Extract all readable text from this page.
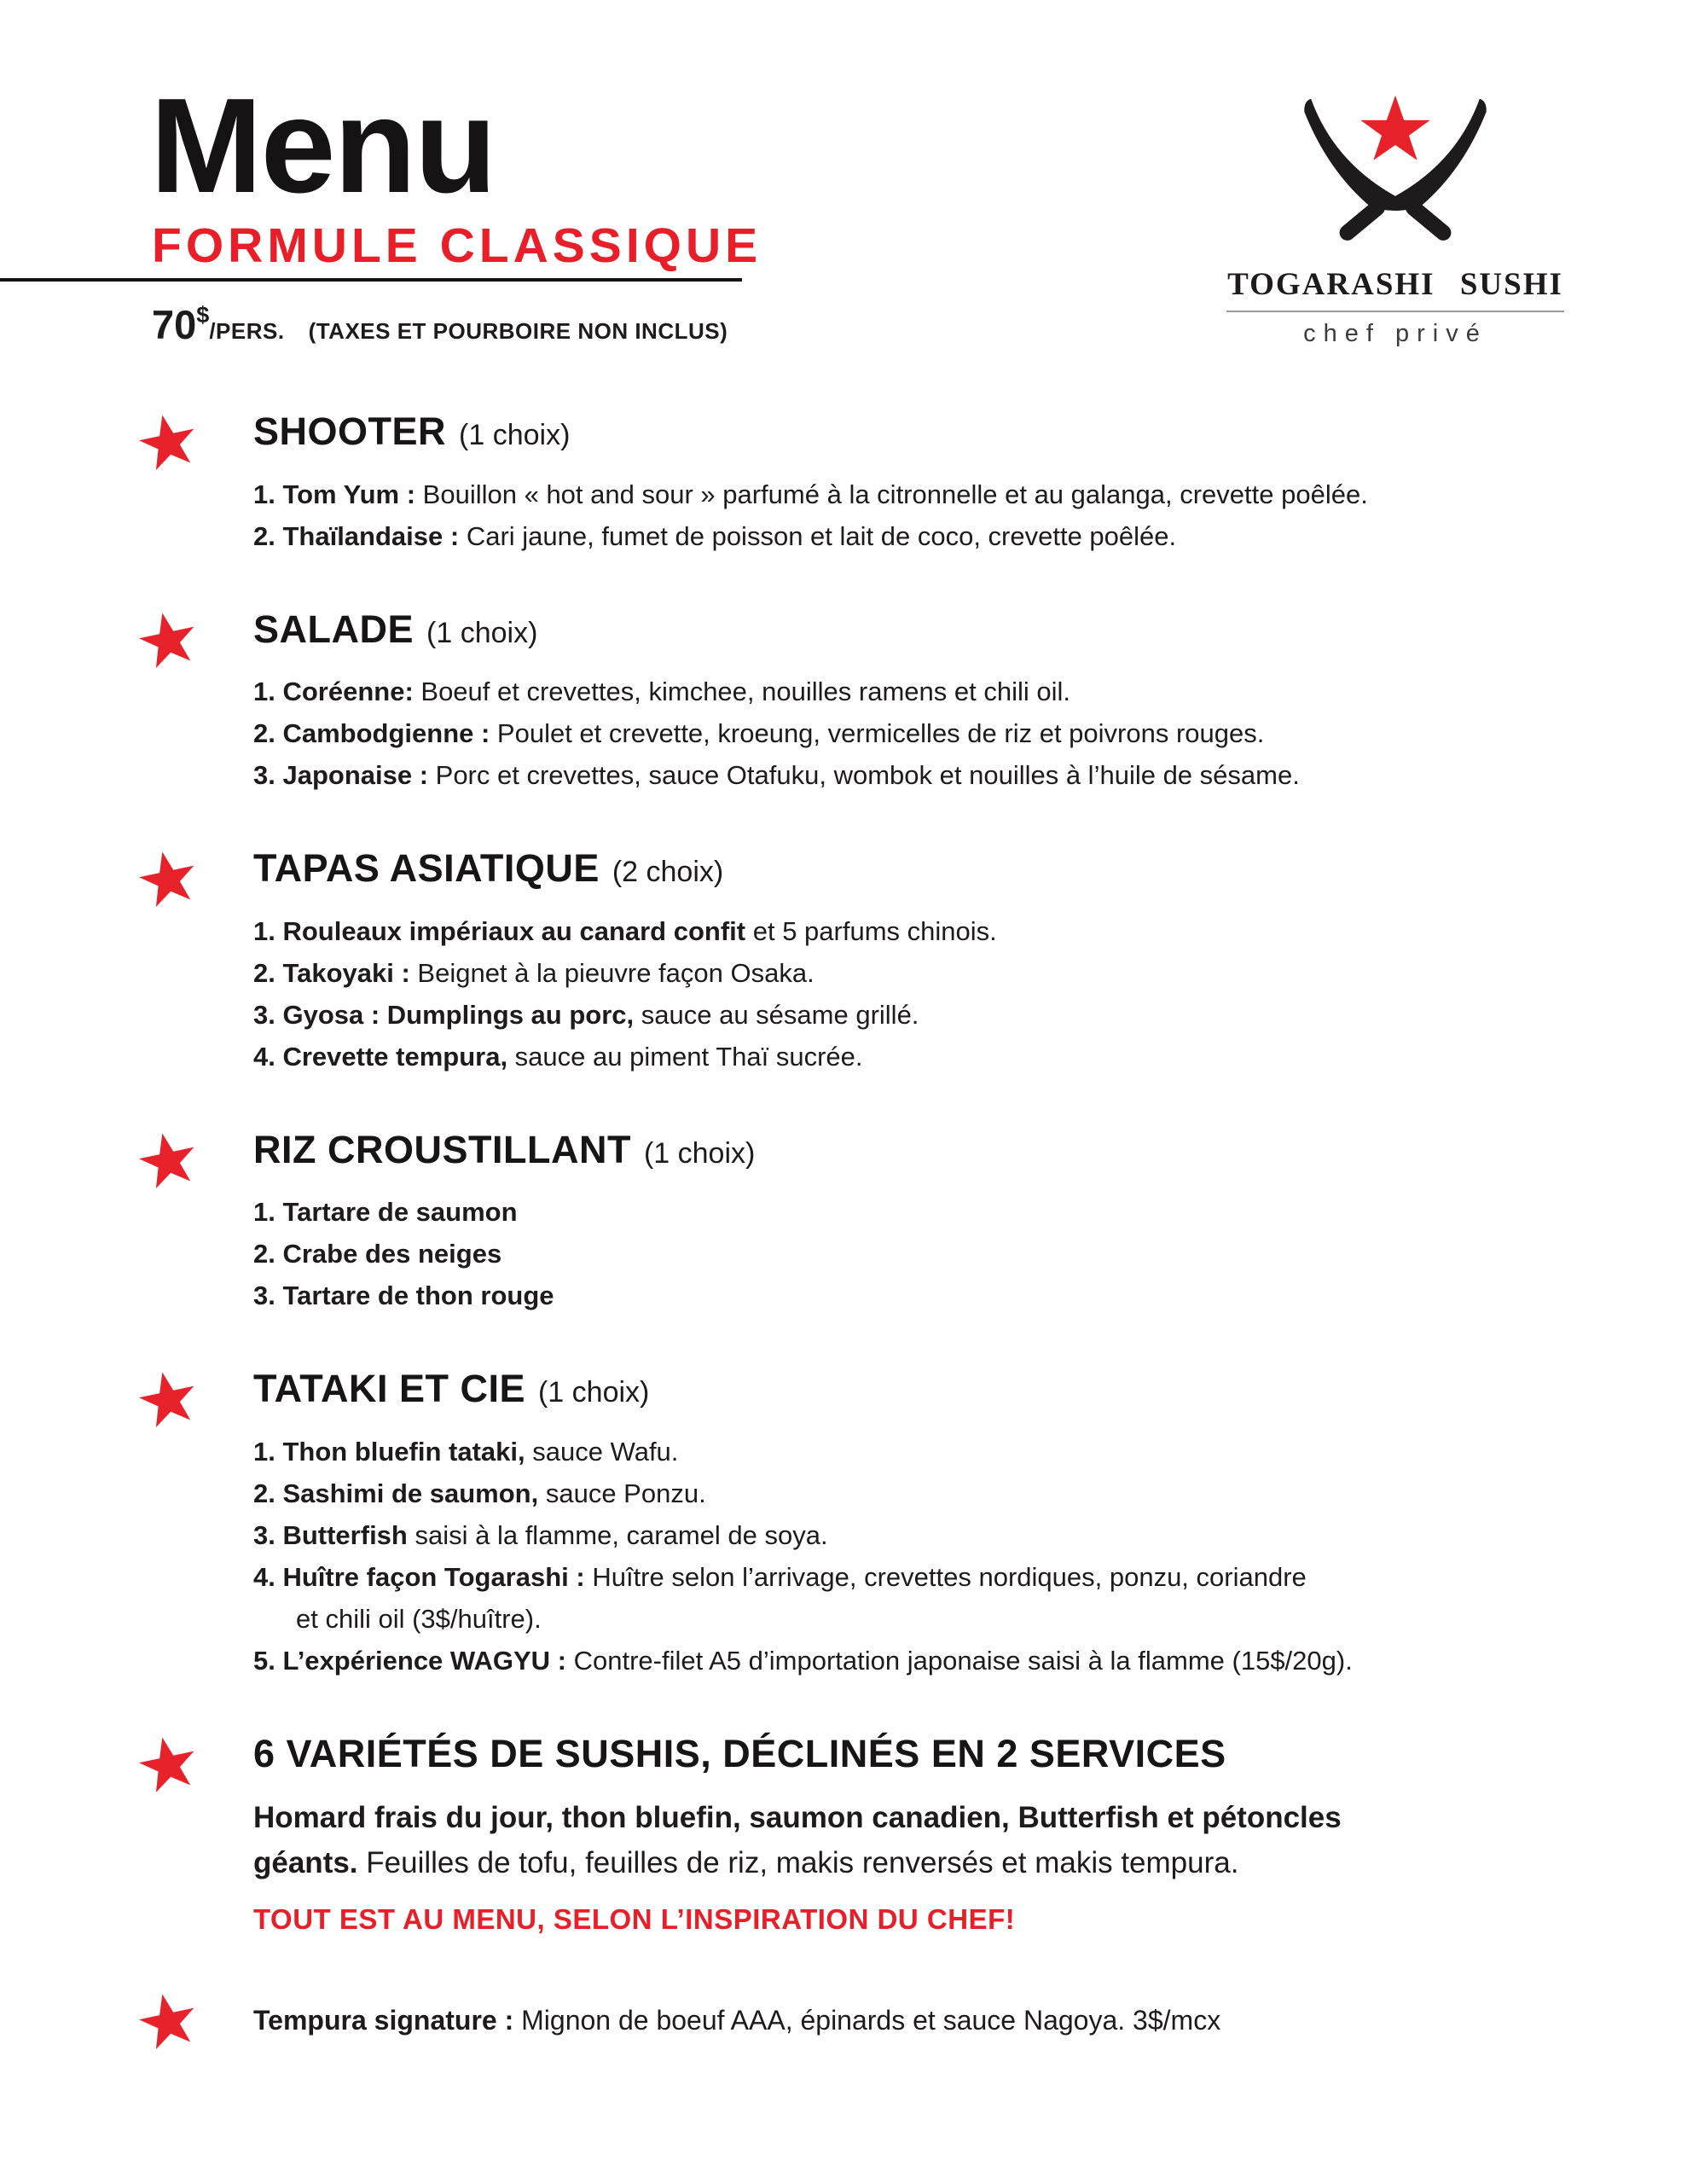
Menu
FORMULE CLASSIQUE
70$/PERS. (TAXES ET POURBOIRE NON INCLUS)
TOGARASHI SUSHI
chef privé
SHOOTER (1 choix)

1. Tom Yum : Bouillon « hot and sour » parfumé à la citronnelle et au galanga, crevette poêlée.

2. Thaïlandaise : Cari jaune, fumet de poisson et lait de coco, crevette poêlée.

SALADE (1 choix)

1. Coréenne: Boeuf et crevettes, kimchee, nouilles ramens et chili oil.

2. Cambodgienne : Poulet et crevette, kroeung, vermicelles de riz et poivrons rouges.

3. Japonaise : Porc et crevettes, sauce Otafuku, wombok et nouilles à l’huile de sésame.

TAPAS ASIATIQUE (2 choix)

1. Rouleaux impériaux au canard confit et 5 parfums chinois.

2. Takoyaki : Beignet à la pieuvre façon Osaka.

3. Gyosa : Dumplings au porc, sauce au sésame grillé.

4. Crevette tempura, sauce au piment Thaï sucrée.

RIZ CROUSTILLANT (1 choix)

1. Tartare de saumon

2. Crabe des neiges

3. Tartare de thon rouge

TATAKI ET CIE (1 choix)

1. Thon bluefin tataki, sauce Wafu.

2. Sashimi de saumon, sauce Ponzu.

3. Butterfish saisi à la flamme, caramel de soya.

4. Huître façon Togarashi : Huître selon l’arrivage, crevettes nordiques, ponzu, coriandre
et chili oil (3$/huître).

5. L’expérience WAGYU : Contre-filet A5 d’importation japonaise saisi à la flamme (15$/20g).

6 VARIÉTÉS DE SUSHIS, DÉCLINÉS EN 2 SERVICES

Homard frais du jour, thon bluefin, saumon canadien, Butterfish et pétoncles
géants. Feuilles de tofu, feuilles de riz, makis renversés et makis tempura.

TOUT EST AU MENU, SELON L’INSPIRATION DU CHEF!

Tempura signature : Mignon de boeuf AAA, épinards et sauce Nagoya. 3$/mcx
